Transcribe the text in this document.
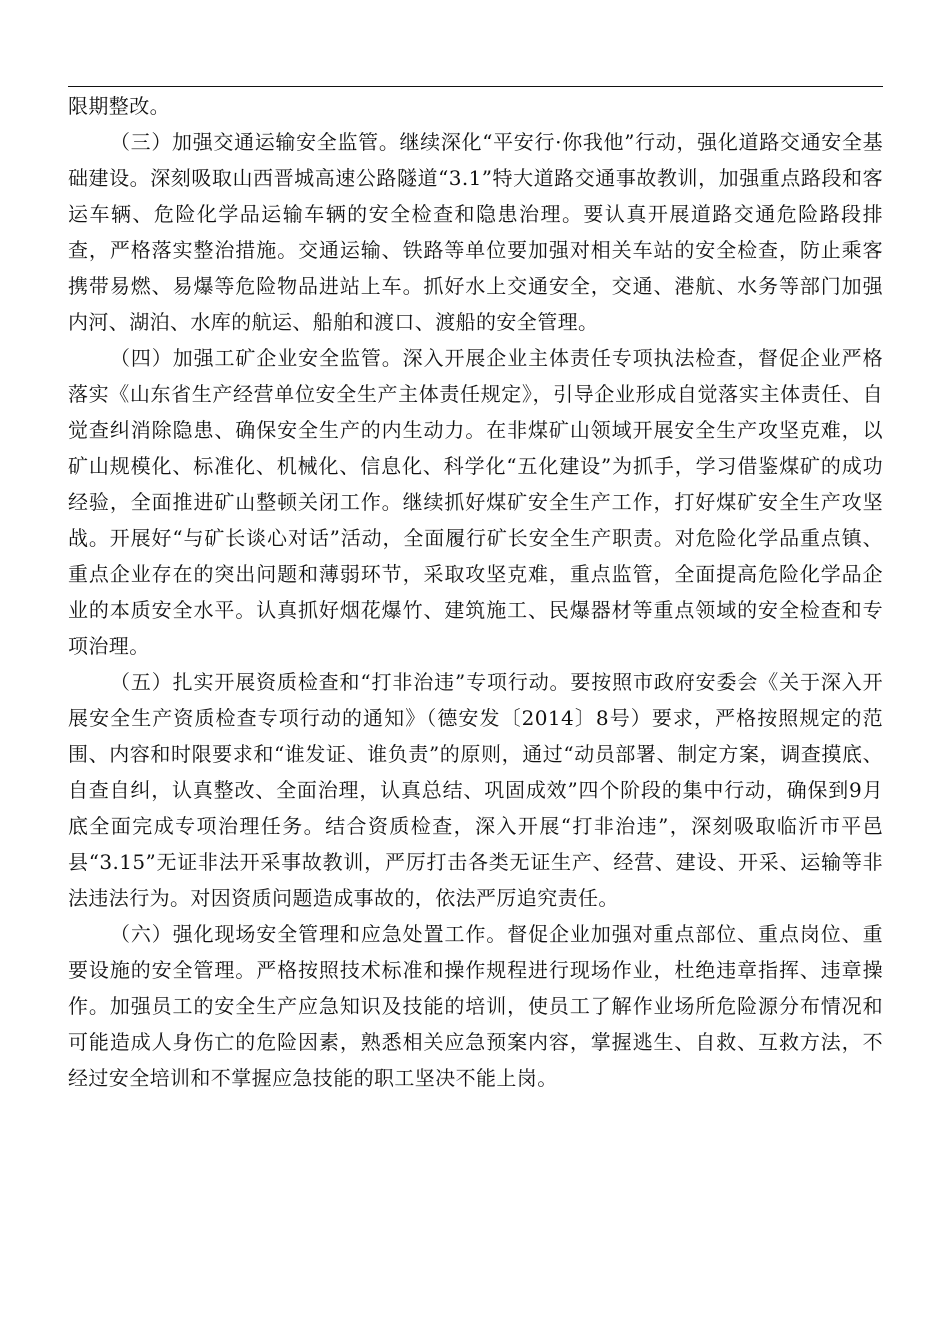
限期整改。

（三）加强交通运输安全监管。继续深化“平安行·你我他”行动，强化道路交通安全基础建设。深刻吸取山西晋城高速公路隧道“3.1”特大道路交通事故教训，加强重点路段和客运车辆、危险化学品运输车辆的安全检查和隐患治理。要认真开展道路交通危险路段排查，严格落实整治措施。交通运输、铁路等单位要加强对相关车站的安全检查，防止乘客携带易燃、易爆等危险物品进站上车。抓好水上交通安全，交通、港航、水务等部门加强内河、湖泊、水库的航运、船舶和渡口、渡船的安全管理。

（四）加强工矿企业安全监管。深入开展企业主体责任专项执法检查，督促企业严格落实《山东省生产经营单位安全生产主体责任规定》，引导企业形成自觉落实主体责任、自觉查纠消除隐患、确保安全生产的内生动力。在非煤矿山领域开展安全生产攻坚克难，以矿山规模化、标准化、机械化、信息化、科学化“五化建设”为抓手，学习借鉴煤矿的成功经验，全面推进矿山整顿关闭工作。继续抓好煤矿安全生产工作，打好煤矿安全生产攻坚战。开展好“与矿长谈心对话”活动，全面履行矿长安全生产职责。对危险化学品重点镇、重点企业存在的突出问题和薄弱环节，采取攻坚克难，重点监管，全面提高危险化学品企业的本质安全水平。认真抓好烟花爆竹、建筑施工、民爆器材等重点领域的安全检查和专项治理。

（五）扎实开展资质检查和“打非治违”专项行动。要按照市政府安委会《关于深入开展安全生产资质检查专项行动的通知》（德安发〔2014〕8号）要求，严格按照规定的范围、内容和时限要求和“谁发证、谁负责”的原则，通过“动员部署、制定方案，调查摸底、自查自纠，认真整改、全面治理，认真总结、巩固成效”四个阶段的集中行动，确保到9月底全面完成专项治理任务。结合资质检查，深入开展“打非治违”，深刻吸取临沂市平邑县“3.15”无证非法开采事故教训，严厉打击各类无证生产、经营、建设、开采、运输等非法违法行为。对因资质问题造成事故的，依法严厉追究责任。

（六）强化现场安全管理和应急处置工作。督促企业加强对重点部位、重点岗位、重要设施的安全管理。严格按照技术标准和操作规程进行现场作业，杜绝违章指挥、违章操作。加强员工的安全生产应急知识及技能的培训，使员工了解作业场所危险源分布情况和可能造成人身伤亡的危险因素，熟悉相关应急预案内容，掌握逃生、自救、互救方法，不经过安全培训和不掌握应急技能的职工坚决不能上岗。
